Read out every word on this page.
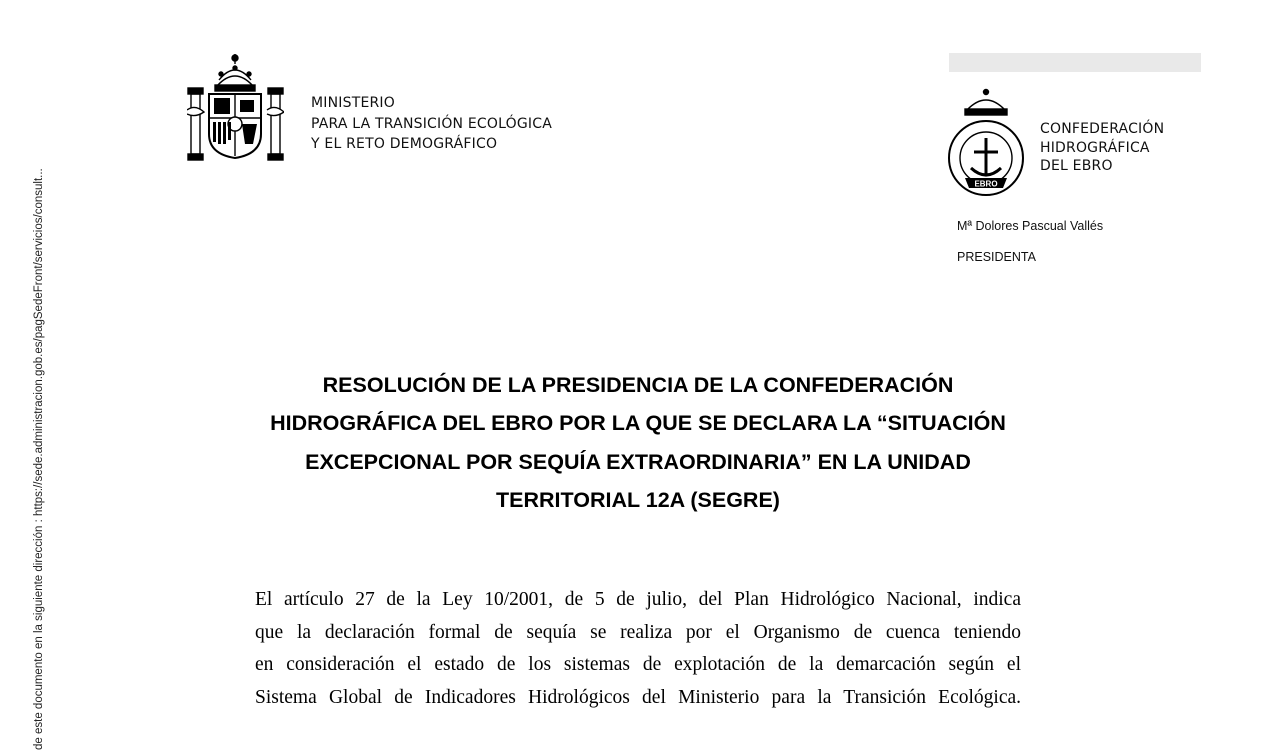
de este documento en la siguiente dirección : https://sede.administracion.gob.es/pagSedeFront/servicios/consult...
MINISTERIO
PARA LA TRANSICIÓN ECOLÓGICA
Y EL RETO DEMOGRÁFICO
EBRO
CONFEDERACIÓN
HIDROGRÁFICA
DEL EBRO
Mª Dolores Pascual Vallés
PRESIDENTA
RESOLUCIÓN DE LA PRESIDENCIA DE LA CONFEDERACIÓN
HIDROGRÁFICA DEL EBRO POR LA QUE SE DECLARA LA “SITUACIÓN
EXCEPCIONAL POR SEQUÍA EXTRAORDINARIA” EN LA UNIDAD
TERRITORIAL 12A (SEGRE)
El artículo 27 de la Ley 10/2001, de 5 de julio, del Plan Hidrológico Nacional, indica
que la declaración formal de sequía se realiza por el Organismo de cuenca teniendo
en consideración el estado de los sistemas de explotación de la demarcación según el
Sistema Global de Indicadores Hidrológicos del Ministerio para la Transición Ecológica.
